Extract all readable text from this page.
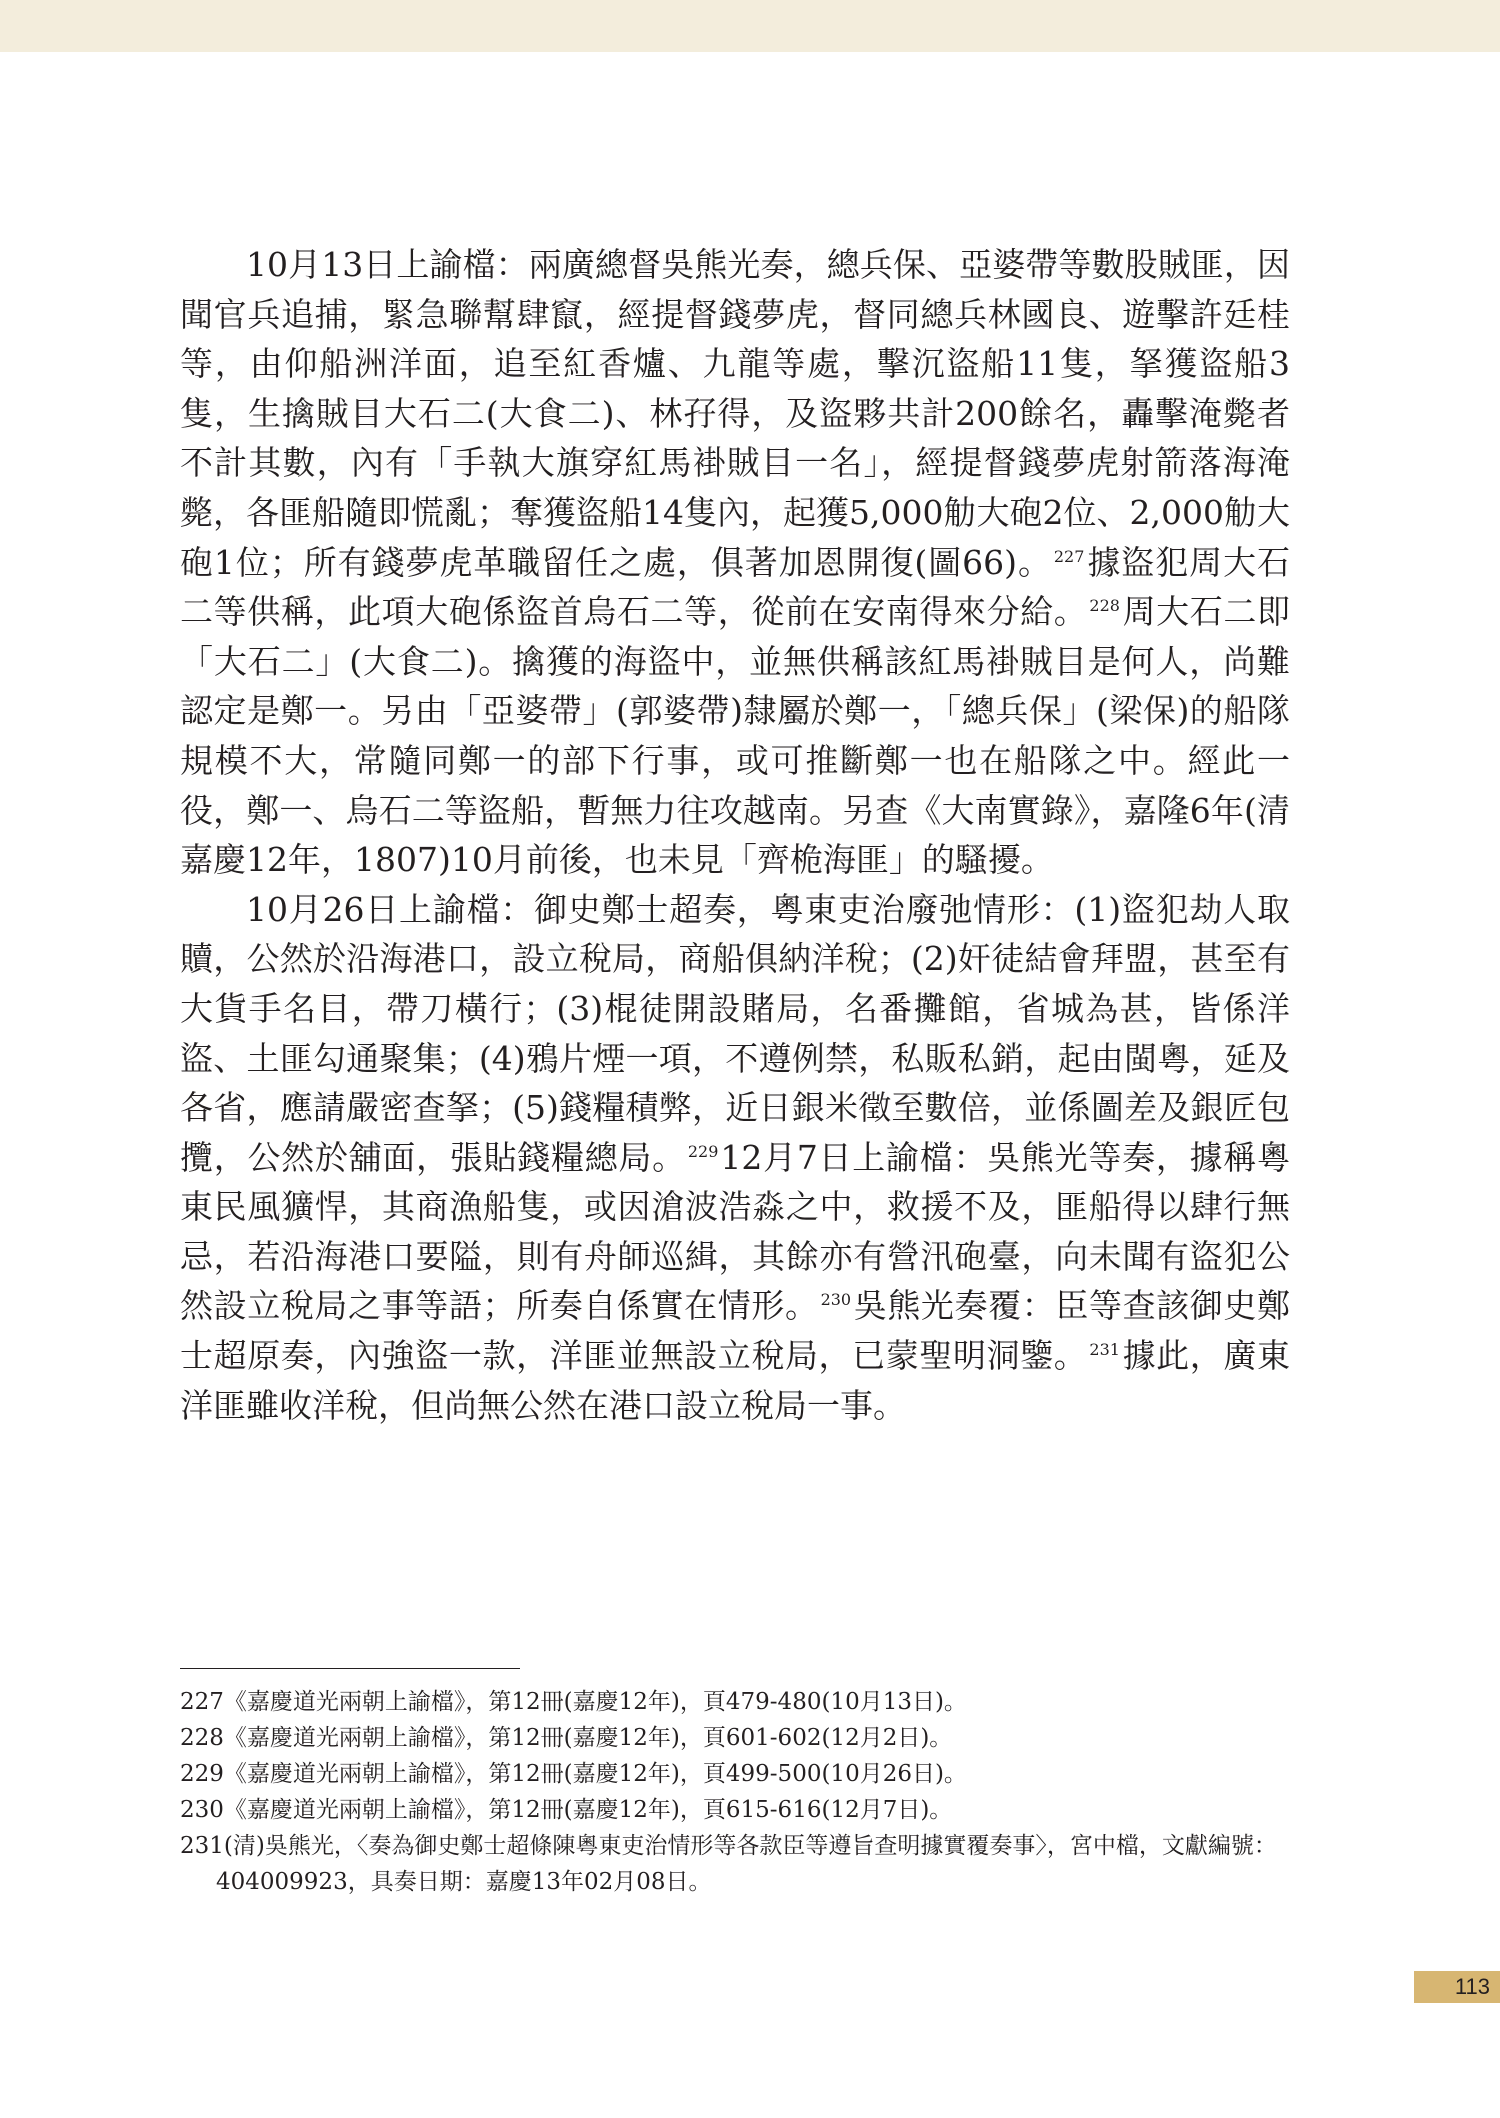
10月13日上諭檔：兩廣總督吳熊光奏，總兵保、亞婆帶等數股賊匪，因聞官兵追捕，緊急聯幫肆竄，經提督錢夢虎，督同總兵林國良、遊擊許廷桂等，由仰船洲洋面，追至紅香爐、九龍等處，擊沉盜船11隻，拏獲盜船3隻，生擒賊目大石二(大食二)、林孖得，及盜夥共計200餘名，轟擊淹斃者不計其數，內有「手執大旗穿紅馬褂賊目一名」，經提督錢夢虎射箭落海淹斃，各匪船隨即慌亂；奪獲盜船14隻內，起獲5,000觔大砲2位、2,000觔大砲1位；所有錢夢虎革職留任之處，俱著加恩開復(圖66)。 $^{227}$據盜犯周大石二等供稱，此項大砲係盜首烏石二等，從前在安南得來分給。 $^{228}$周大石二即「大石二」(大食二)。擒獲的海盜中，並無供稱該紅馬褂賊目是何人，尚難認定是鄭一。另由「亞婆帶」(郭婆帶)隸屬於鄭一，「總兵保」(梁保)的船隊規模不大，常隨同鄭一的部下行事，或可推斷鄭一也在船隊之中。經此一役，鄭一、烏石二等盜船，暫無力往攻越南。另查《大南實錄》，嘉隆6年(清嘉慶12年，1807)10月前後，也未見「齊桅海匪」的騷擾。

10月26日上諭檔：御史鄭士超奏，粵東吏治廢弛情形：(1)盜犯劫人取贖，公然於沿海港口，設立稅局，商船俱納洋稅；(2)奸徒結會拜盟，甚至有大貨手名目，帶刀橫行；(3)棍徒開設賭局，名番攤館，省城為甚，皆係洋盜、土匪勾通聚集；(4)鴉片煙一項，不遵例禁，私販私銷，起由閩粵，延及各省，應請嚴密查拏；(5)錢糧積弊，近日銀米徵至數倍，並係圖差及銀匠包攬，公然於舖面，張貼錢糧總局。 $^{229}$12月7日上諭檔：吳熊光等奏，據稱粵東民風獷悍，其商漁船隻，或因滄波浩淼之中，救援不及，匪船得以肆行無忌，若沿海港口要隘，則有舟師巡緝，其餘亦有營汛砲臺，向未聞有盜犯公然設立稅局之事等語；所奏自係實在情形。 $^{230}$吳熊光奏覆：臣等查該御史鄭士超原奏，內強盜一款，洋匪並無設立稅局，已蒙聖明洞鑒。 $^{231}$據此，廣東洋匪雖收洋稅，但尚無公然在港口設立稅局一事。

227《嘉慶道光兩朝上諭檔》，第12冊(嘉慶12年)，頁479-480(10月13日)。

228《嘉慶道光兩朝上諭檔》，第12冊(嘉慶12年)，頁601-602(12月2日)。

229《嘉慶道光兩朝上諭檔》，第12冊(嘉慶12年)，頁499-500(10月26日)。

230《嘉慶道光兩朝上諭檔》，第12冊(嘉慶12年)，頁615-616(12月7日)。

231(清)吳熊光，〈奏為御史鄭士超條陳粵東吏治情形等各款臣等遵旨查明據實覆奏事〉，宮中檔，文獻編號：404009923，具奏日期：嘉慶13年02月08日。

113
